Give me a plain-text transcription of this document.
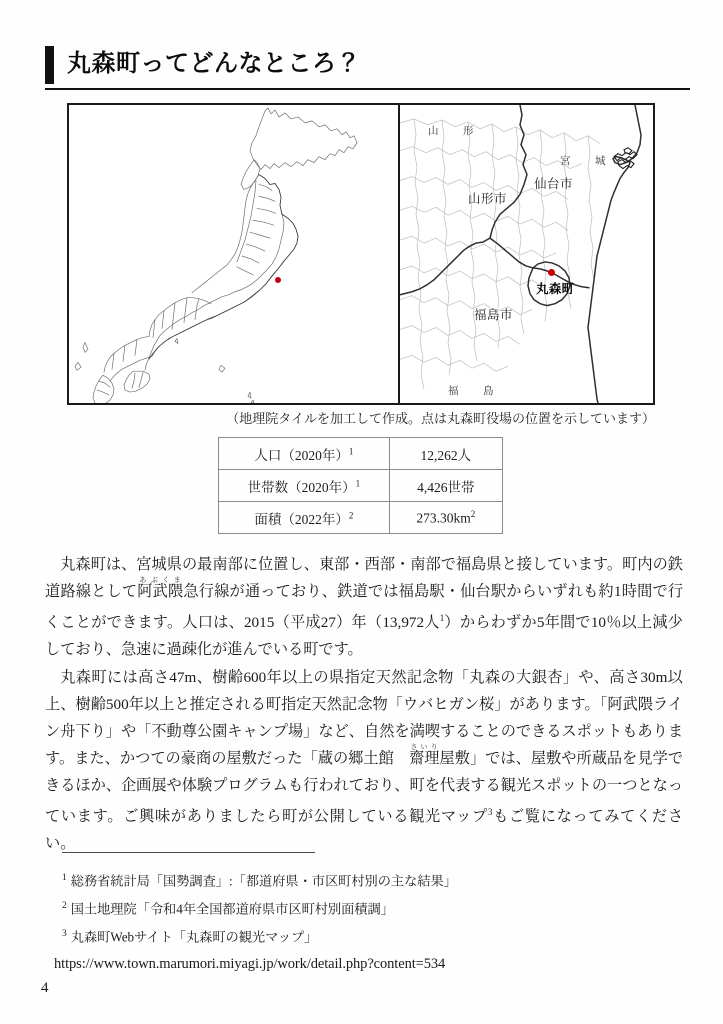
丸森町ってどんなところ？
山　形
宮　城
山形市
仙台市
福島市
福　島
丸森町
（地理院タイルを加工して作成。点は丸森町役場の位置を示しています）
人口（2020年）$^1$	12,262人
世帯数（2020年）$^1$	4,426世帯
面積（2022年）$^2$	$273.30km^2$

丸森町は、宮城県の最南部に位置し、東部・西部・南部で福島県と接しています。町内の鉄道路線として阿武隈あぶくま急行線が通っており、鉄道では福島駅・仙台駅からいずれも約1時間で行くことができます。人口は、2015（平成27）年（13,972人$^1$）からわずか5年間で10％以上減少しており、急速に過疎化が進んでいる町です。

丸森町には高さ47m、樹齢600年以上の県指定天然記念物「丸森の大銀杏」や、高さ30m以上、樹齢500年以上と推定される町指定天然記念物「ウバヒガン桜」があります。「阿武隈ライン舟下り」や「不動尊公園キャンプ場」など、自然を満喫することのできるスポットもあります。また、かつての豪商の屋敷だった「蔵の郷土館　齋理さいり屋敷」では、屋敷や所蔵品を見学できるほか、企画展や体験プログラムも行われており、町を代表する観光スポットの一つとなっています。ご興味がありましたら町が公開している観光マップ$^3$もご覧になってみてください。

$^1$ 総務省統計局「国勢調査」:「都道府県・市区町村別の主な結果」
$^2$ 国土地理院「令和4年全国都道府県市区町村別面積調」
$^3$ 丸森町Webサイト「丸森町の観光マップ」
https://www.town.marumori.miyagi.jp/work/detail.php?content=534
4
